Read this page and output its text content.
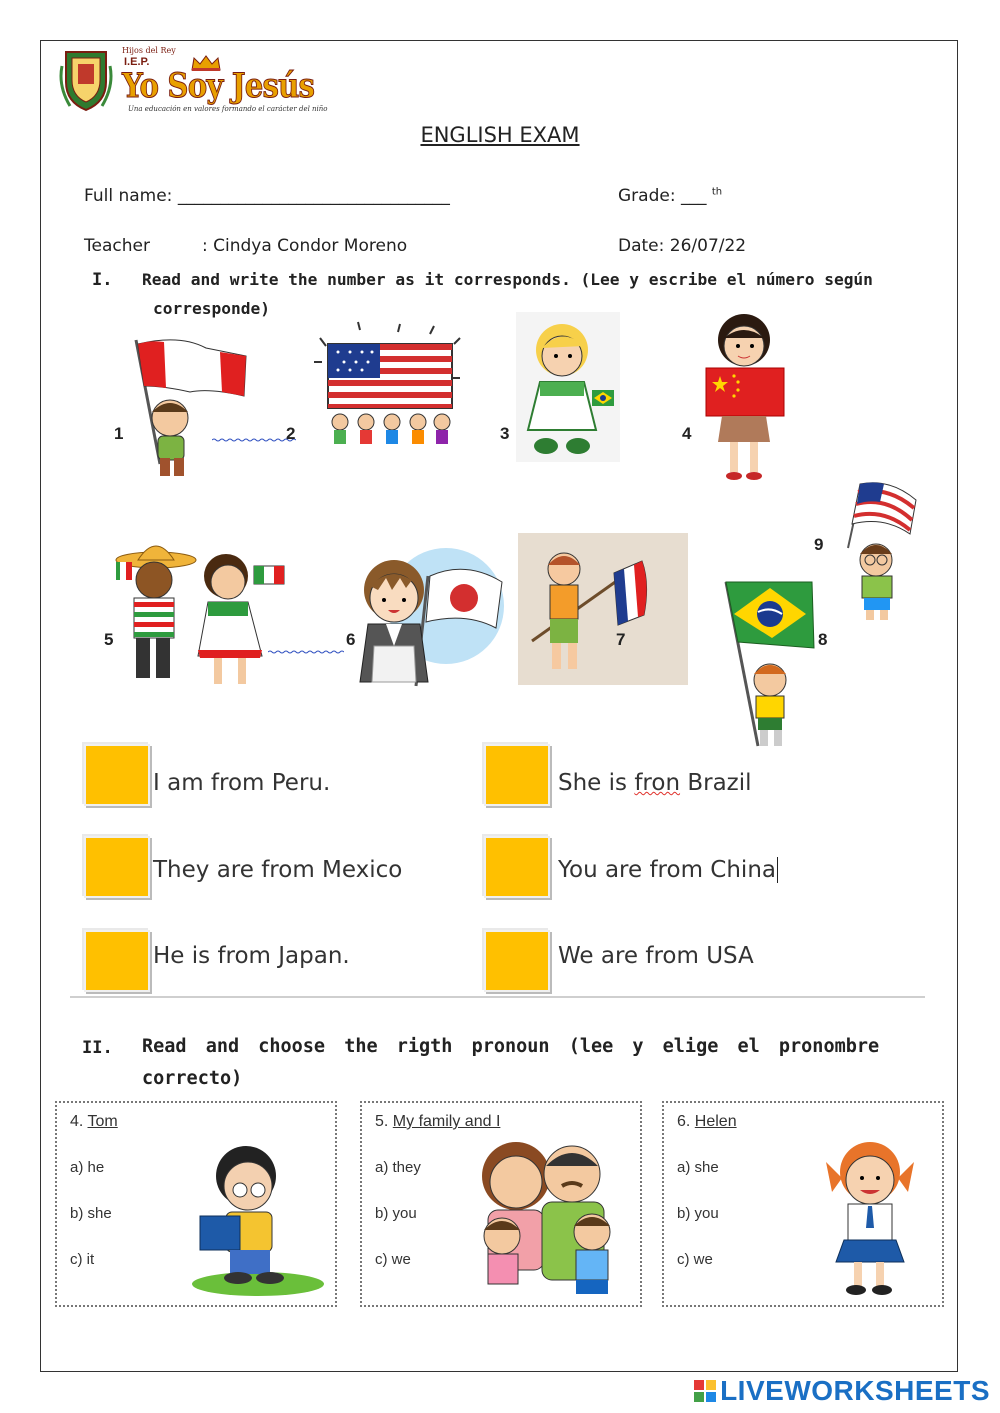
Hijos del Rey
I.E.P.
Yo Soy Jesús
Una educación en valores formando el carácter del niño
ENGLISH EXAM
Full name: ________________________________	Grade: ___ $^{th}$
Teacher	: Cindya Condor Moreno	Date: 26/07/22
I. Read and write the number as it corresponds. (Lee y escribe el número según
corresponde)
1	2	3	4
9
5	6	7	8
I am from Peru.	She is fron Brazil
They are from Mexico	You are from China
He is from Japan.	We are from USA
II. Read and choose the rigth pronoun (lee y elige el pronombre
correcto)
4. Tom
a) he
b) she
c) it
5. My family and I
a) they
b) you
c) we
6. Helen
a) she
b) you
c) we
LIVEWORKSHEETS
